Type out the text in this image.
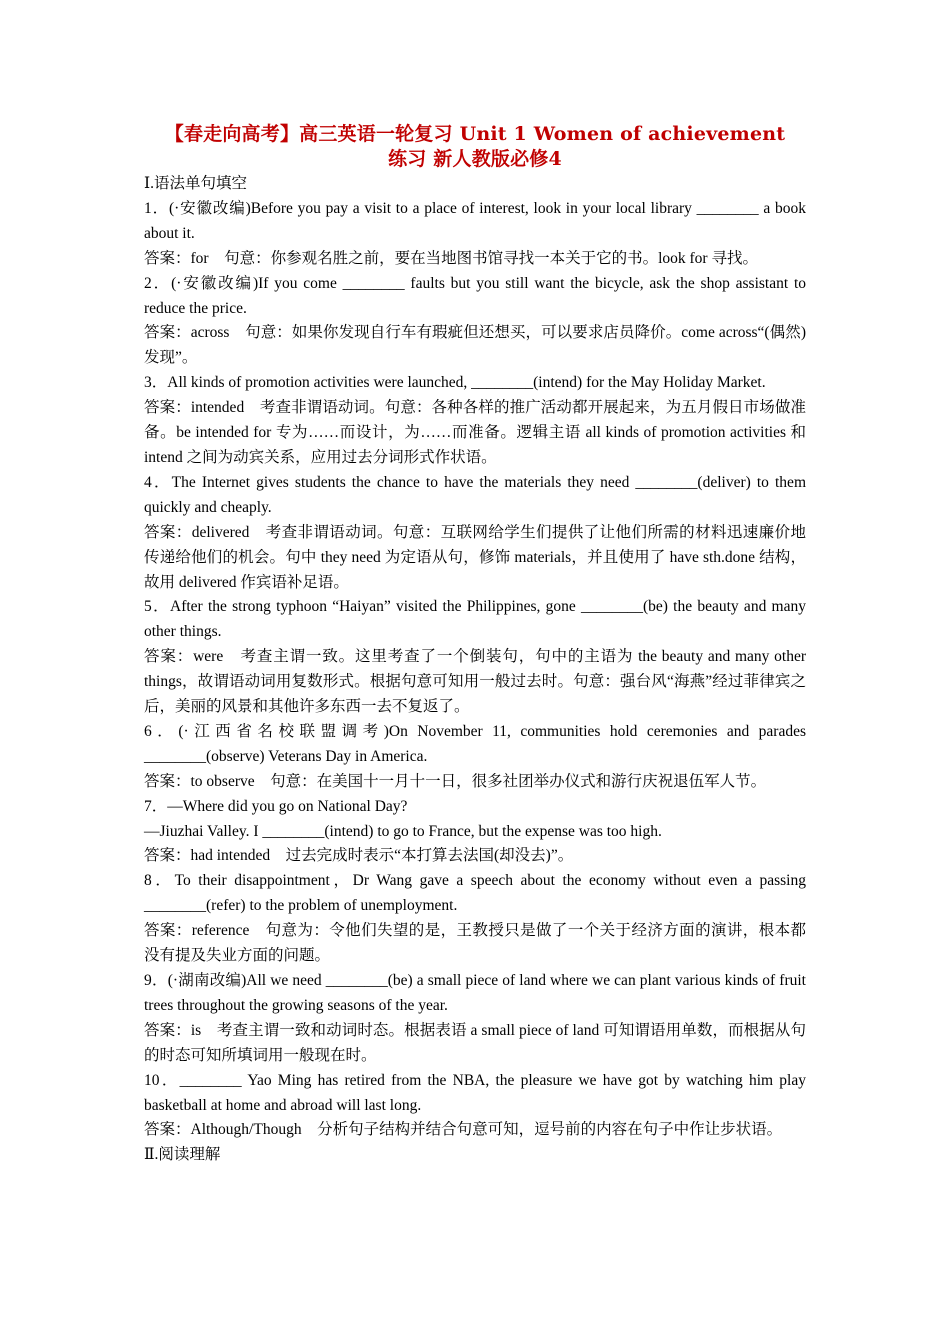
【春走向高考】高三英语一轮复习 Unit 1 Women of achievement
练习 新人教版必修4

Ⅰ.语法单句填空

1．(·安徽改编)Before you pay a visit to a place of interest, look in your local library ________ a book about it.

答案：for　句意：你参观名胜之前，要在当地图书馆寻找一本关于它的书。look for 寻找。

2．(·安徽改编)If you come ________ faults but you still want the bicycle, ask the shop assistant to reduce the price.

答案：across　句意：如果你发现自行车有瑕疵但还想买，可以要求店员降价。come across“(偶然)发现”。

3．All kinds of promotion activities were launched, ________(intend) for the May Holiday Market.

答案：intended　考查非谓语动词。句意：各种各样的推广活动都开展起来，为五月假日市场做准备。be intended for 专为……而设计，为……而准备。逻辑主语 all kinds of promotion activities 和 intend 之间为动宾关系，应用过去分词形式作状语。

4．The Internet gives students the chance to have the materials they need ________(deliver) to them quickly and cheaply.

答案：delivered　考查非谓语动词。句意：互联网给学生们提供了让他们所需的材料迅速廉价地传递给他们的机会。句中 they need 为定语从句，修饰 materials，并且使用了 have sth.done 结构，故用 delivered 作宾语补足语。

5．After the strong typhoon “Haiyan” visited the Philippines, gone ________(be) the beauty and many other things.

答案：were　考查主谓一致。这里考查了一个倒装句，句中的主语为 the beauty and many other things，故谓语动词用复数形式。根据句意可知用一般过去时。句意：强台风“海燕”经过菲律宾之后，美丽的风景和其他许多东西一去不复返了。

6．(·江西省名校联盟调考)On November 11, communities hold ceremonies and parades ________(observe) Veterans Day in America.

答案：to observe　句意：在美国十一月十一日，很多社团举办仪式和游行庆祝退伍军人节。

7．—Where did you go on National Day?

—Jiuzhai Valley. I ________(intend) to go to France, but the expense was too high.

答案：had intended　过去完成时表示“本打算去法国(却没去)”。

8．To their disappointment，Dr Wang gave a speech about the economy without even a passing ________(refer) to the problem of unemployment.

答案：reference　句意为：令他们失望的是，王教授只是做了一个关于经济方面的演讲，根本都没有提及失业方面的问题。

9．(·湖南改编)All we need ________(be) a small piece of land where we can plant various kinds of fruit trees throughout the growing seasons of the year.

答案：is　考查主谓一致和动词时态。根据表语 a small piece of land 可知谓语用单数，而根据从句的时态可知所填词用一般现在时。

10．________ Yao Ming has retired from the NBA, the pleasure we have got by watching him play basketball at home and abroad will last long.

答案：Although/Though　分析句子结构并结合句意可知，逗号前的内容在句子中作让步状语。

Ⅱ.阅读理解
